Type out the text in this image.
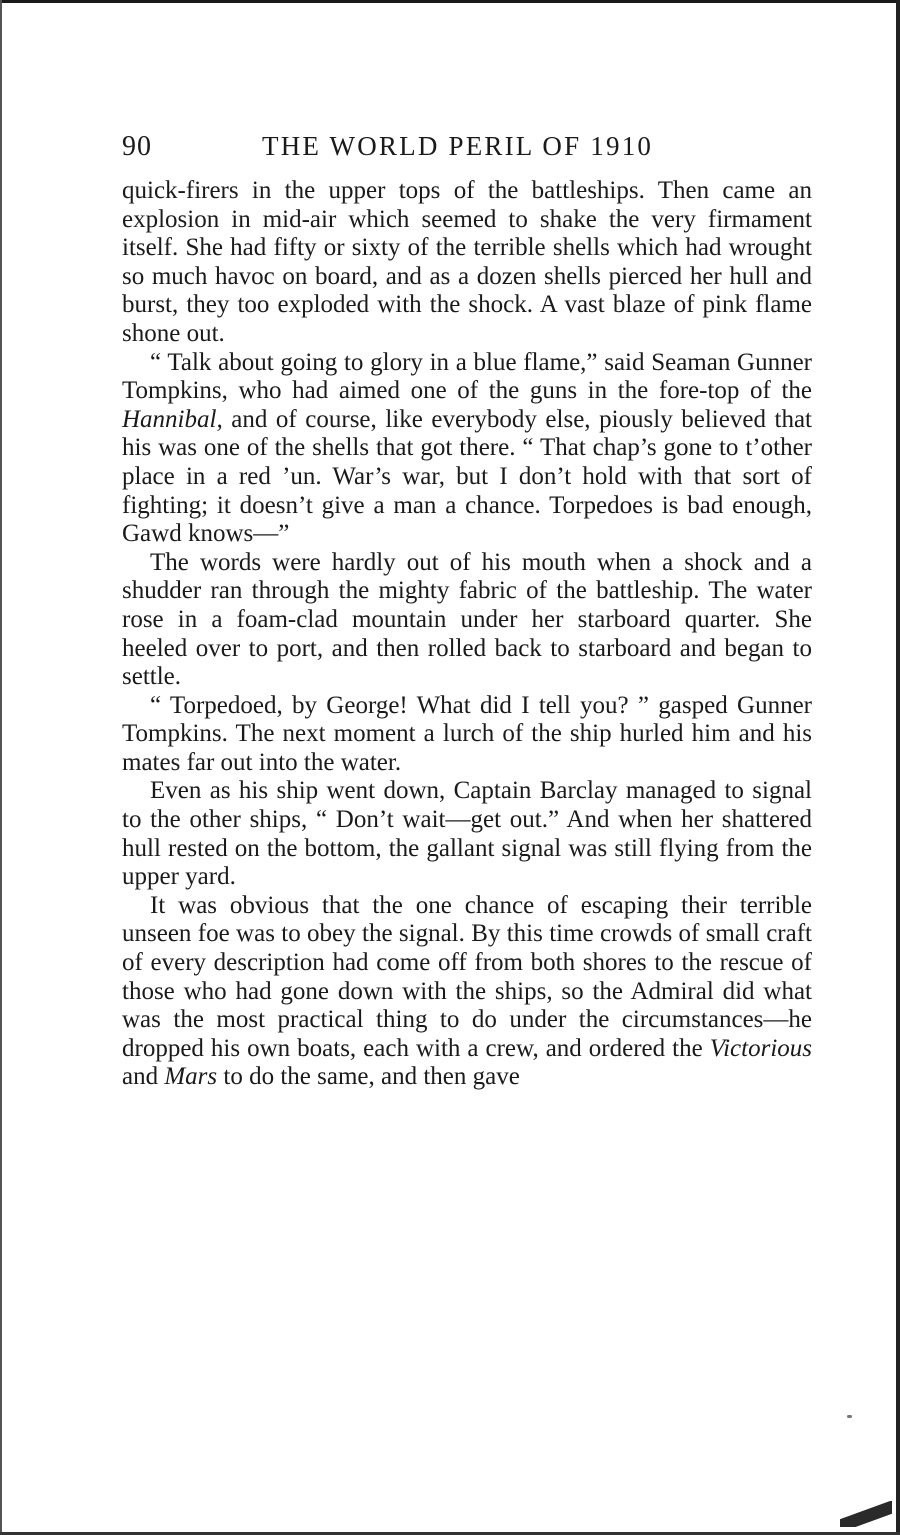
90	THE WORLD PERIL OF 1910

quick-firers in the upper tops of the battleships. Then came an explosion in mid-air which seemed to shake the very firmament itself. She had fifty or sixty of the terrible shells which had wrought so much havoc on board, and as a dozen shells pierced her hull and burst, they too exploded with the shock. A vast blaze of pink flame shone out.

“ Talk about going to glory in a blue flame,” said Seaman Gunner Tompkins, who had aimed one of the guns in the fore-top of the Hannibal, and of course, like everybody else, piously believed that his was one of the shells that got there. “ That chap’s gone to t’other place in a red ’un. War’s war, but I don’t hold with that sort of fighting; it doesn’t give a man a chance. Torpedoes is bad enough, Gawd knows—”

The words were hardly out of his mouth when a shock and a shudder ran through the mighty fabric of the battleship. The water rose in a foam-clad mountain under her starboard quarter. She heeled over to port, and then rolled back to starboard and began to settle.

“ Torpedoed, by George! What did I tell you? ” gasped Gunner Tompkins. The next moment a lurch of the ship hurled him and his mates far out into the water.

Even as his ship went down, Captain Barclay managed to signal to the other ships, “ Don’t wait—get out.” And when her shattered hull rested on the bottom, the gallant signal was still flying from the upper yard.

It was obvious that the one chance of escaping their terrible unseen foe was to obey the signal. By this time crowds of small craft of every description had come off from both shores to the rescue of those who had gone down with the ships, so the Admiral did what was the most practical thing to do under the circumstances—he dropped his own boats, each with a crew, and ordered the Victorious and Mars to do the same, and then gave
